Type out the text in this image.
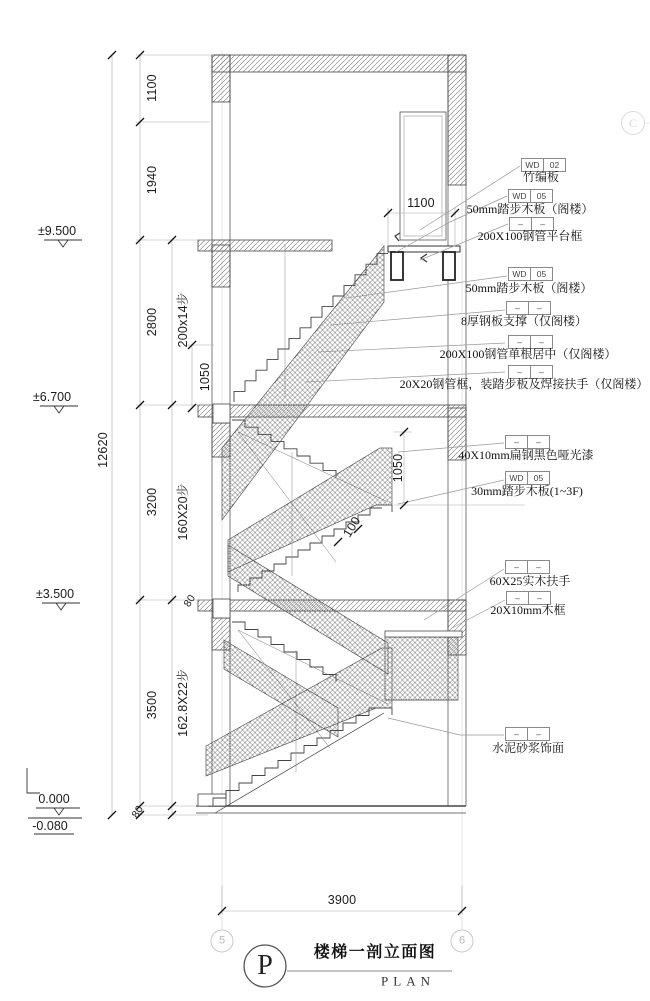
1100
1940
2800
3200
3500
12620
200x14步
160X20步
162.8X22步
1050
80
80
1100
1050
100
3900
±9.500
±6.700
±3.500
0.000
-0.080
WD	02
竹编板
WD	05
50mm踏步木板（阁楼）
–	–
200X100钢管平台框
WD	05
50mm踏步木板（阁楼）
–	–
8厚钢板支撑（仅阁楼）
–	–
200X100钢管单根居中（仅阁楼）
–	–
20X20钢管框，装踏步板及焊接扶手（仅阁楼）
–	–
40X10mm扁钢黑色哑光漆
WD	05
30mm踏步木板(1~3F)
–	–
60X25实木扶手
–	–
20X10mm木框
–	–
水泥砂浆饰面
5	6
C
P	楼梯一剖立面图
PLAN
